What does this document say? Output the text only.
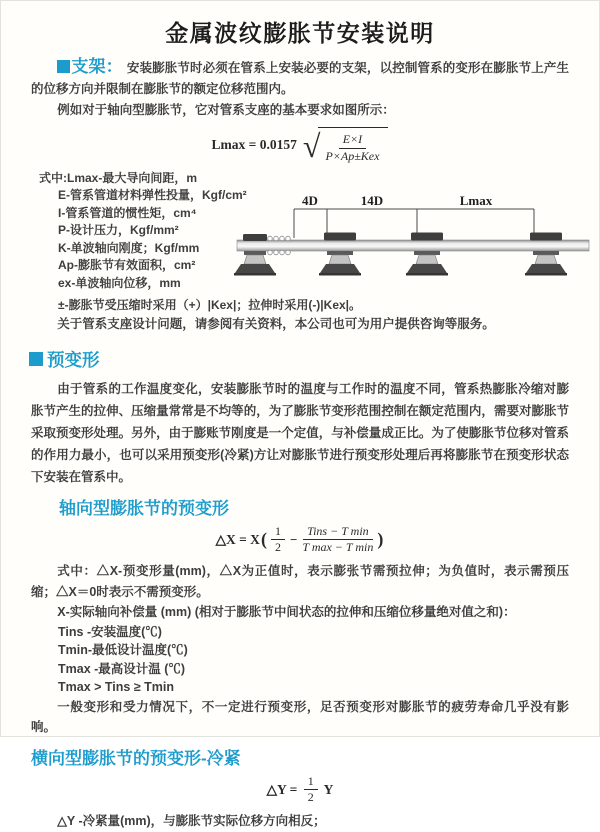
金属波纹膨胀节安装说明

支架： 安装膨胀节时必须在管系上安装必要的支架，以控制管系的变形在膨胀节上产生的位移方向并限制在膨胀节的额定位移范围内。

例如对于轴向型膨胀节，它对管系支座的基本要求如图所示：

Lmax = 0.0157 √ $\frac{E\times I}{\text{P×Ap±Kex}}$
式中:Lmax-最大导向间距，m
E-管系管道材料弹性投量，Kgf/cm²
I-管系管道的惯性矩，cm⁴
P-设计压力，Kgf/mm²
K-单波轴向刚度；Kgf/mm
Ap-膨胀节有效面积，cm²
ex-单波轴向位移，mm
4D	14D	Lmax

±-膨胀节受压缩时采用（+）|Kex|；拉伸时采用(-)|Kex|。

关于管系支座设计问题，请参阅有关资料，本公司也可为用户提供咨询等服务。

预变形

由于管系的工作温度变化，安装膨胀节时的温度与工作时的温度不同，管系热膨胀冷缩对膨胀节产生的拉伸、压缩量常常是不均等的，为了膨胀节变形范围控制在额定范围内，需要对膨胀节采取预变形处理。另外，由于膨账节刚度是一个定值，与补偿量成正比。为了使膨胀节位移对管系的作用力最小，也可以采用预变形(冷紧)方让对膨胀节进行预变形处理后再将膨胀节在预变形状态下安装在管系中。

轴向型膨胀节的预变形
△X = X ( $\frac{1}{2} - \frac{\text{Tins − T min}}{\text{T max − T min}}$ )

式中：△X-预变形量(mm)，△X为正值时，表示膨张节需预拉伸；为负值时，表示需预压缩；△X＝0时表示不需预变形。

X-实际轴向补偿量 (mm) (相对于膨胀节中间状态的拉伸和压缩位移量绝对值之和)：

Tins -安装温度(℃)
Tmin-最低设计温度(℃)
Tmax -最高设计温 (℃)
Tmax > Tins ≥ Tmin

一般变形和受力情况下，不一定进行预变形，足否预变形对膨胀节的疲劳寿命几乎没有影响。

横向型膨胀节的预变形-冷紧
△Y = $\frac{1}{2}$ Y

△Y -冷紧量(mm)，与膨胀节实际位移方向相反；
